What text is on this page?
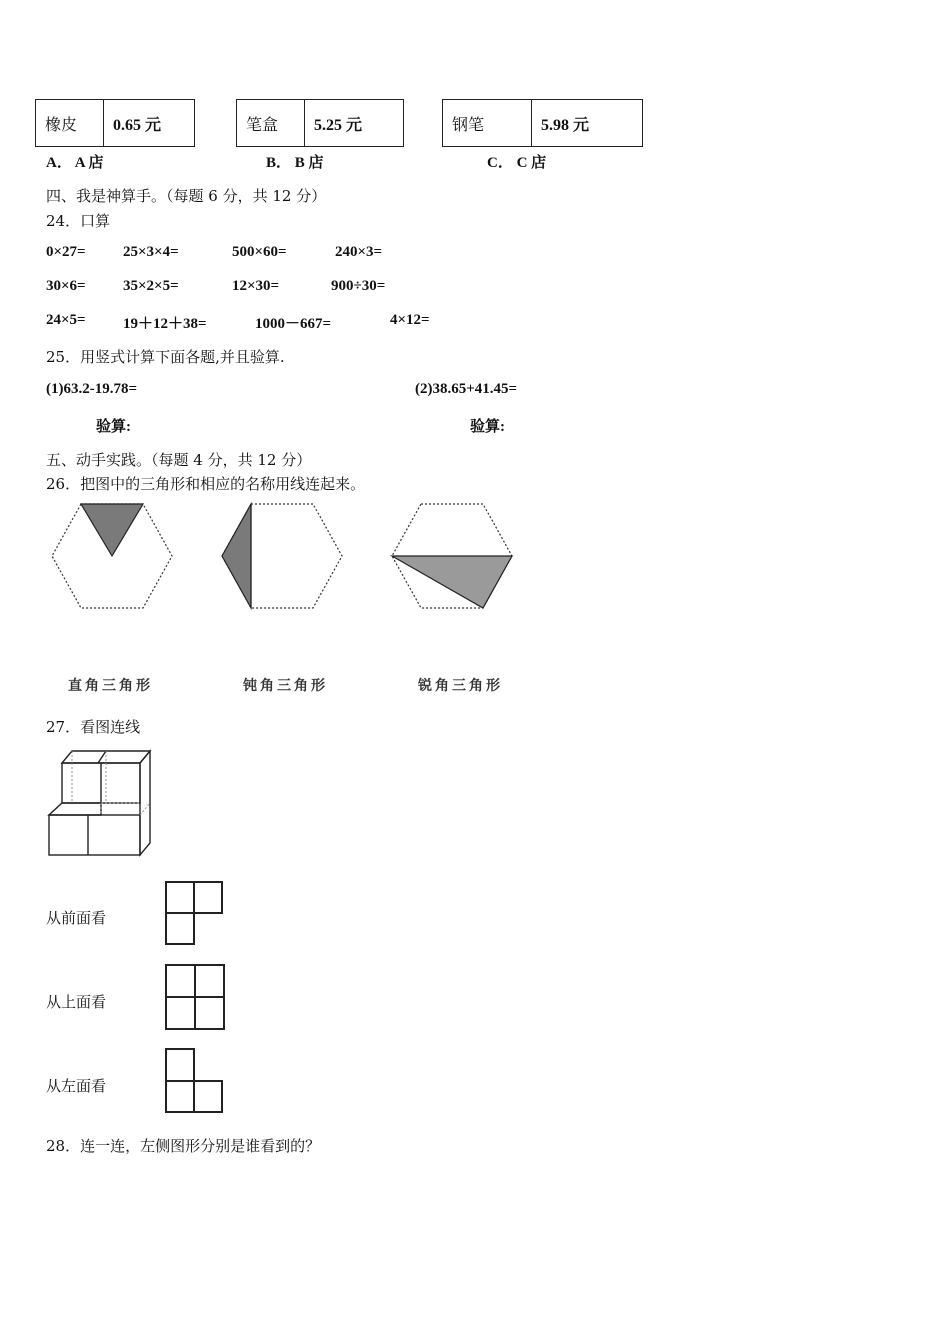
橡皮	0.65 元	笔盒	5.25 元	钢笔	5.98 元
A． A 店	B． B 店	C． C 店
四、我是神算手。（每题 6 分，共 12 分）
24．口算
0×27= 25×3×4=	500×60=	240×3=
30×6= 35×2×5=	12×30=	900÷30=
24×5= 19＋12＋38=	1000－667=	4×12=
25．用竖式计算下面各题,并且验算.
(1)63.2-19.78=	(2)38.65+41.45=
验算:	验算:
五、动手实践。（每题 4 分，共 12 分）
26．把图中的三角形和相应的名称用线连起来。
直角三角形	钝角三角形	锐角三角形
27．看图连线
从前面看
从上面看
从左面看
28．连一连，左侧图形分别是谁看到的？
